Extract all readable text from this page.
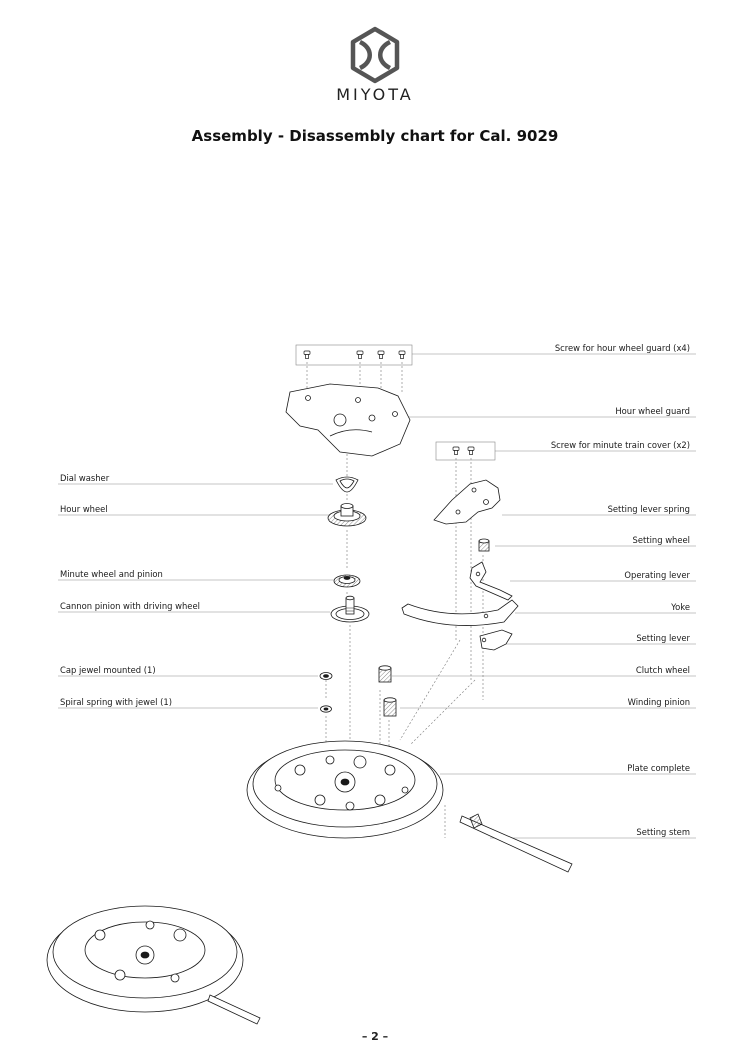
MIYOTA
Assembly - Disassembly chart for Cal. 9029
Dial washer
Hour wheel
Minute wheel and pinion
Cannon pinion with driving wheel
Cap jewel mounted (1)
Spiral spring with jewel (1)
Screw for hour wheel guard (x4)
Hour wheel guard
Screw for minute train cover (x2)
Setting lever spring
Setting wheel
Operating lever
Yoke
Setting lever
Clutch wheel
Winding pinion
Plate complete
Setting stem
– 2 –
